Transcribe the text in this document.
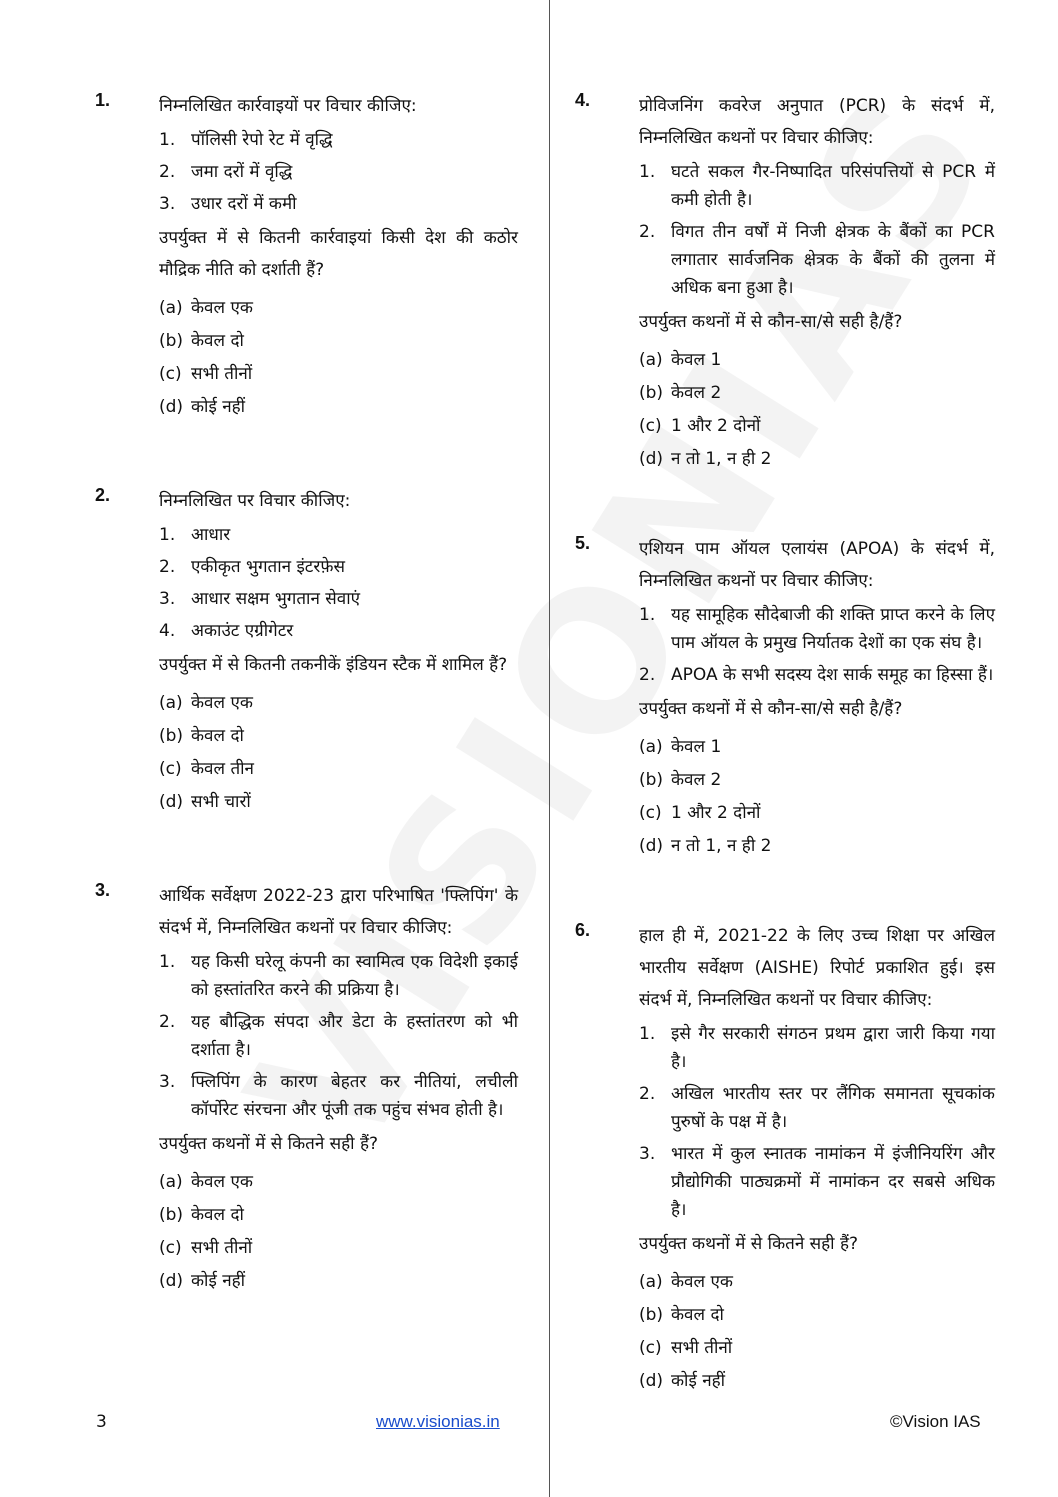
1.	निम्नलिखित कार्रवाइयों पर विचार कीजिए:
1. पॉलिसी रेपो रेट में वृद्धि
2. जमा दरों में वृद्धि
3. उधार दरों में कमी
उपर्युक्त में से कितनी कार्रवाइयां किसी देश की कठोर मौद्रिक नीति को दर्शाती हैं?
(a) केवल एक
(b) केवल दो
(c) सभी तीनों
(d) कोई नहीं
2.	निम्नलिखित पर विचार कीजिए:
1. आधार
2. एकीकृत भुगतान इंटरफ़ेस
3. आधार सक्षम भुगतान सेवाएं
4. अकाउंट एग्रीगेटर
उपर्युक्त में से कितनी तकनीकें इंडियन स्टैक में शामिल हैं?
(a) केवल एक
(b) केवल दो
(c) केवल तीन
(d) सभी चारों
3.	आर्थिक सर्वेक्षण 2022-23 द्वारा परिभाषित 'फ्लिपिंग' के संदर्भ में, निम्नलिखित कथनों पर विचार कीजिए:
1. यह किसी घरेलू कंपनी का स्वामित्व एक विदेशी इकाई को हस्तांतरित करने की प्रक्रिया है।
2. यह बौद्धिक संपदा और डेटा के हस्तांतरण को भी दर्शाता है।
3. फ्लिपिंग के कारण बेहतर कर नीतियां, लचीली कॉर्पोरेट संरचना और पूंजी तक पहुंच संभव होती है।
उपर्युक्त कथनों में से कितने सही हैं?
(a) केवल एक
(b) केवल दो
(c) सभी तीनों
(d) कोई नहीं
4.	प्रोविजनिंग कवरेज अनुपात (PCR) के संदर्भ में, निम्नलिखित कथनों पर विचार कीजिए:
1. घटते सकल गैर-निष्पादित परिसंपत्तियों से PCR में कमी होती है।
2. विगत तीन वर्षों में निजी क्षेत्रक के बैंकों का PCR लगातार सार्वजनिक क्षेत्रक के बैंकों की तुलना में अधिक बना हुआ है।
उपर्युक्त कथनों में से कौन-सा/से सही है/हैं?
(a) केवल 1
(b) केवल 2
(c) 1 और 2 दोनों
(d) न तो 1, न ही 2
5.	एशियन पाम ऑयल एलायंस (APOA) के संदर्भ में, निम्नलिखित कथनों पर विचार कीजिए:
1. यह सामूहिक सौदेबाजी की शक्ति प्राप्त करने के लिए पाम ऑयल के प्रमुख निर्यातक देशों का एक संघ है।
2. APOA के सभी सदस्य देश सार्क समूह का हिस्सा हैं।
उपर्युक्त कथनों में से कौन-सा/से सही है/हैं?
(a) केवल 1
(b) केवल 2
(c) 1 और 2 दोनों
(d) न तो 1, न ही 2
6.	हाल ही में, 2021-22 के लिए उच्च शिक्षा पर अखिल भारतीय सर्वेक्षण (AISHE) रिपोर्ट प्रकाशित हुई। इस संदर्भ में, निम्नलिखित कथनों पर विचार कीजिए:
1. इसे गैर सरकारी संगठन प्रथम द्वारा जारी किया गया है।
2. अखिल भारतीय स्तर पर लैंगिक समानता सूचकांक पुरुषों के पक्ष में है।
3. भारत में कुल स्नातक नामांकन में इंजीनियरिंग और प्रौद्योगिकी पाठ्यक्रमों में नामांकन दर सबसे अधिक है।
उपर्युक्त कथनों में से कितने सही हैं?
(a) केवल एक
(b) केवल दो
(c) सभी तीनों
(d) कोई नहीं
3	www.visionias.in	©Vision IAS
